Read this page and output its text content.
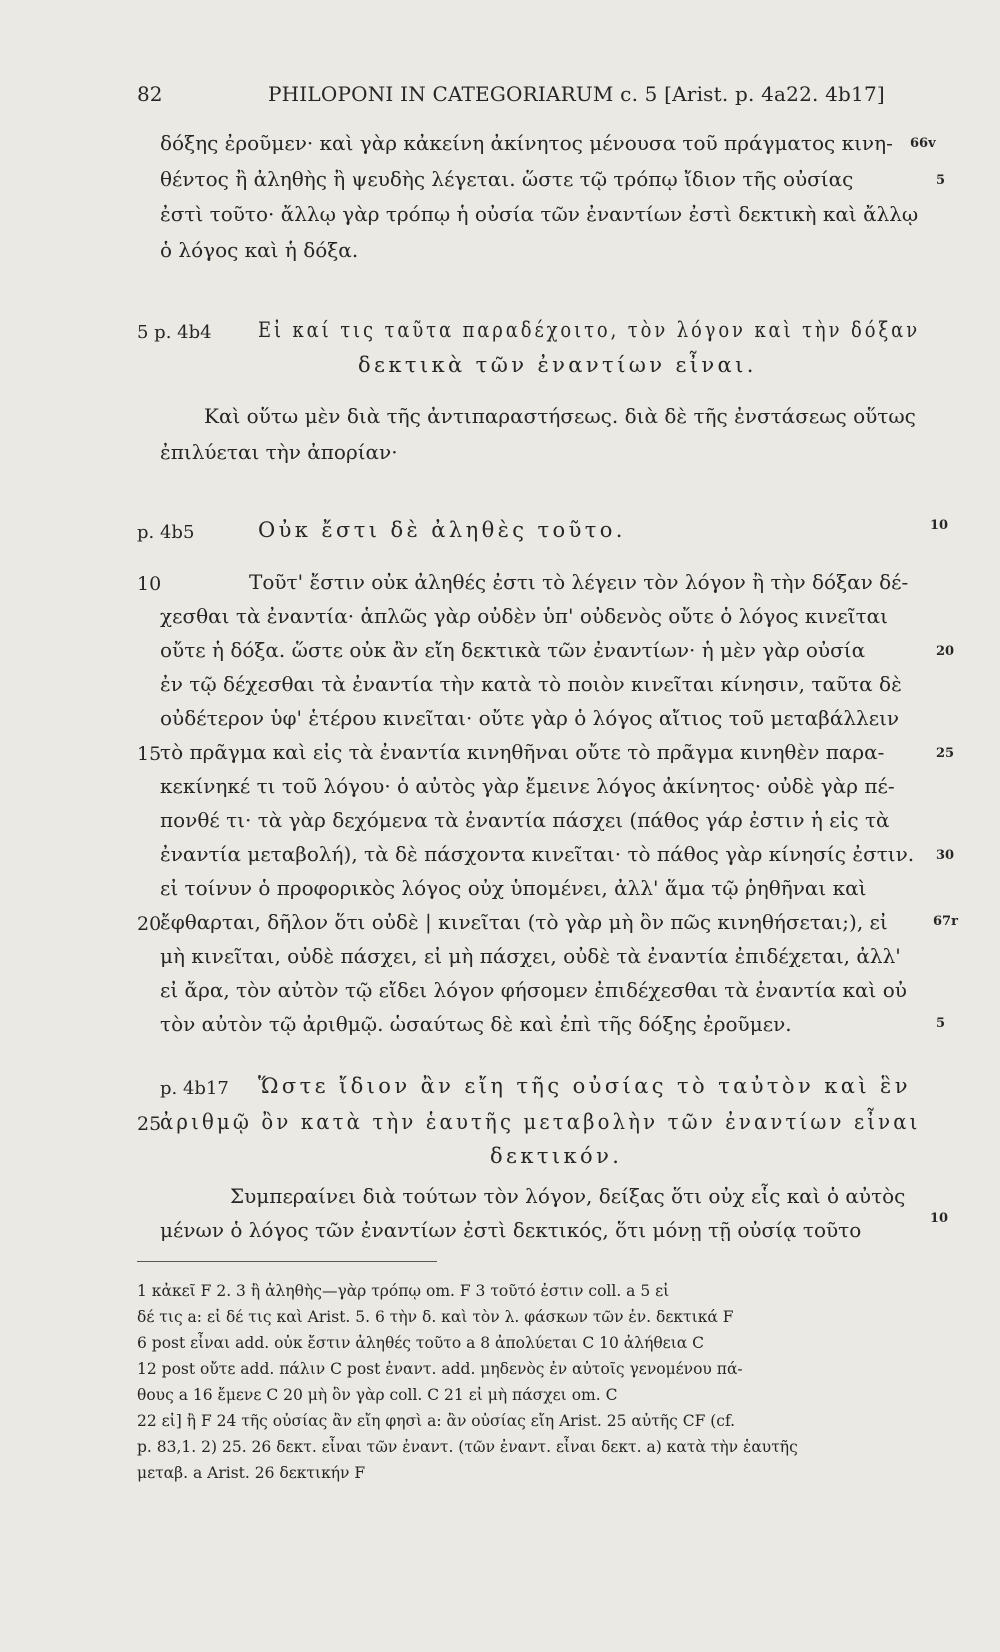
82	PHILOPONI IN CATEGORIARUM c. 5 [Arist. p. 4a22. 4b17]
δόξης ἐροῦμεν· καὶ γὰρ κἀκείνη ἀκίνητος μένουσα τοῦ πράγματος κινη-
θέντος ἢ ἀληθὴς ἢ ψευδὴς λέγεται. ὥστε τῷ τρόπῳ ἴδιον τῆς οὐσίας
ἐστὶ τοῦτο· ἄλλῳ γὰρ τρόπῳ ἡ οὐσία τῶν ἐναντίων ἐστὶ δεκτικὴ καὶ ἄλλῳ
ὁ λόγος καὶ ἡ δόξα.
5 p. 4b4 Εἰ καί τις ταῦτα παραδέχοιτο, τὸν λόγον καὶ τὴν δόξαν
δεκτικὰ τῶν ἐναντίων εἶναι.
Καὶ οὕτω μὲν διὰ τῆς ἀντιπαραστήσεως. διὰ δὲ τῆς ἐνστάσεως οὕτως
ἐπιλύεται τὴν ἀπορίαν·
p. 4b5	Οὐκ ἔστι δὲ ἀληθὲς τοῦτο.
Τοῦτ' ἔστιν οὐκ ἀληθές ἐστι τὸ λέγειν τὸν λόγον ἢ τὴν δόξαν δέ-
χεσθαι τὰ ἐναντία· ἁπλῶς γὰρ οὐδὲν ὑπ' οὐδενὸς οὔτε ὁ λόγος κινεῖται
οὔτε ἡ δόξα. ὥστε οὐκ ἂν εἴη δεκτικὰ τῶν ἐναντίων· ἡ μὲν γὰρ οὐσία
ἐν τῷ δέχεσθαι τὰ ἐναντία τὴν κατὰ τὸ ποιὸν κινεῖται κίνησιν, ταῦτα δὲ
οὐδέτερον ὑφ' ἑτέρου κινεῖται· οὔτε γὰρ ὁ λόγος αἴτιος τοῦ μεταβάλλειν
τὸ πρᾶγμα καὶ εἰς τὰ ἐναντία κινηθῆναι οὔτε τὸ πρᾶγμα κινηθὲν παρα-
κεκίνηκέ τι τοῦ λόγου· ὁ αὐτὸς γὰρ ἔμεινε λόγος ἀκίνητος· οὐδὲ γὰρ πέ-
πονθέ τι· τὰ γὰρ δεχόμενα τὰ ἐναντία πάσχει (πάθος γάρ ἐστιν ἡ εἰς τὰ
ἐναντία μεταβολή), τὰ δὲ πάσχοντα κινεῖται· τὸ πάθος γὰρ κίνησίς ἐστιν.
εἰ τοίνυν ὁ προφορικὸς λόγος οὐχ ὑπομένει, ἀλλ' ἅμα τῷ ῥηθῆναι καὶ
ἔφθαρται, δῆλον ὅτι οὐδὲ | κινεῖται (τὸ γὰρ μὴ ὂν πῶς κινηθήσεται;), εἰ
μὴ κινεῖται, οὐδὲ πάσχει, εἰ μὴ πάσχει, οὐδὲ τὰ ἐναντία ἐπιδέχεται, ἀλλ'
εἰ ἄρα, τὸν αὐτὸν τῷ εἴδει λόγον φήσομεν ἐπιδέχεσθαι τὰ ἐναντία καὶ οὐ
τὸν αὐτὸν τῷ ἀριθμῷ. ὡσαύτως δὲ καὶ ἐπὶ τῆς δόξης ἐροῦμεν.
p. 4b17 Ὥστε ἴδιον ἂν εἴη τῆς οὐσίας τὸ ταὐτὸν καὶ ἓν
ἀριθμῷ ὂν κατὰ τὴν ἑαυτῆς μεταβολὴν τῶν ἐναντίων εἶναι
δεκτικόν.
Συμπεραίνει διὰ τούτων τὸν λόγον, δείξας ὅτι οὐχ εἷς καὶ ὁ αὐτὸς
μένων ὁ λόγος τῶν ἐναντίων ἐστὶ δεκτικός, ὅτι μόνῃ τῇ οὐσίᾳ τοῦτο
10
15
20
25
66v
5
10
20
25
30
67r
5
10
1 κἀκεῖ F 2. 3 ἢ ἀληθὴς—γὰρ τρόπῳ om. F 3 τοῦτό ἐστιν coll. a 5 εἰ
δέ τις a: εἰ δέ τις καὶ Arist. 5. 6 τὴν δ. καὶ τὸν λ. φάσκων τῶν ἐν. δεκτικά F
6 post εἶναι add. οὐκ ἔστιν ἀληθές τοῦτο a 8 ἀπολύεται C 10 ἀλήθεια C
12 post οὔτε add. πάλιν C post ἐναντ. add. μηδενὸς ἐν αὐτοῖς γενομένου πά-
θους a 16 ἔμενε C 20 μὴ ὂν γὰρ coll. C 21 εἰ μὴ πάσχει om. C
22 εἰ] ἢ F 24 τῆς οὐσίας ἂν εἴη φησὶ a: ἂν οὐσίας εἴη Arist. 25 αὐτῆς CF (cf.
p. 83,1. 2) 25. 26 δεκτ. εἶναι τῶν ἐναντ. (τῶν ἐναντ. εἶναι δεκτ. a) κατὰ τὴν ἑαυτῆς
μεταβ. a Arist. 26 δεκτικήν F
